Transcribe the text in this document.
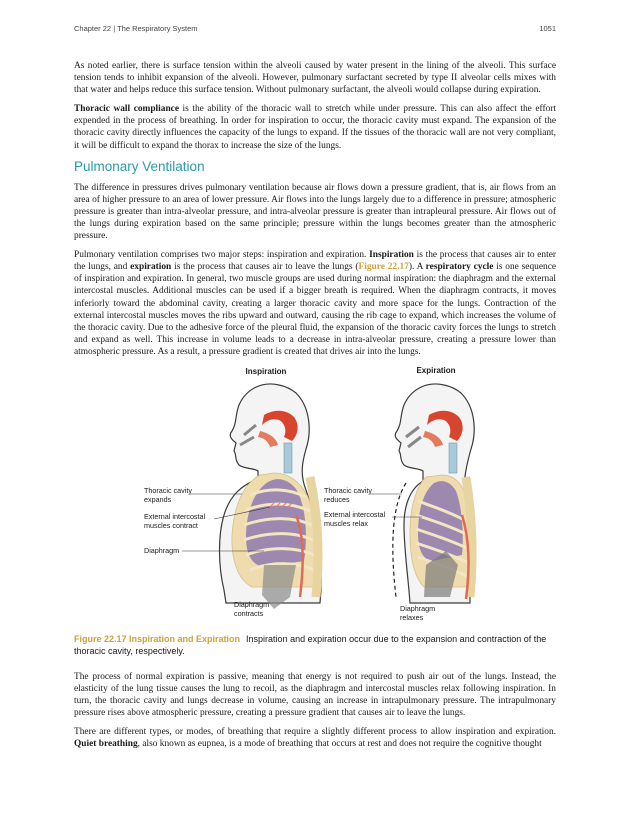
Chapter 22 | The Respiratory System	1051

As noted earlier, there is surface tension within the alveoli caused by water present in the lining of the alveoli. This surface tension tends to inhibit expansion of the alveoli. However, pulmonary surfactant secreted by type II alveolar cells mixes with that water and helps reduce this surface tension. Without pulmonary surfactant, the alveoli would collapse during expiration.

Thoracic wall compliance is the ability of the thoracic wall to stretch while under pressure. This can also affect the effort expended in the process of breathing. In order for inspiration to occur, the thoracic cavity must expand. The expansion of the thoracic cavity directly influences the capacity of the lungs to expand. If the tissues of the thoracic wall are not very compliant, it will be difficult to expand the thorax to increase the size of the lungs.

Pulmonary Ventilation

The difference in pressures drives pulmonary ventilation because air flows down a pressure gradient, that is, air flows from an area of higher pressure to an area of lower pressure. Air flows into the lungs largely due to a difference in pressure; atmospheric pressure is greater than intra-alveolar pressure, and intra-alveolar pressure is greater than intrapleural pressure. Air flows out of the lungs during expiration based on the same principle; pressure within the lungs becomes greater than the atmospheric pressure.

Pulmonary ventilation comprises two major steps: inspiration and expiration. Inspiration is the process that causes air to enter the lungs, and expiration is the process that causes air to leave the lungs (Figure 22.17). A respiratory cycle is one sequence of inspiration and expiration. In general, two muscle groups are used during normal inspiration: the diaphragm and the external intercostal muscles. Additional muscles can be used if a bigger breath is required. When the diaphragm contracts, it moves inferiorly toward the abdominal cavity, creating a larger thoracic cavity and more space for the lungs. Contraction of the external intercostal muscles moves the ribs upward and outward, causing the rib cage to expand, which increases the volume of the thoracic cavity. Due to the adhesive force of the pleural fluid, the expansion of the thoracic cavity forces the lungs to stretch and expand as well. This increase in volume leads to a decrease in intra-alveolar pressure, creating a pressure lower than atmospheric pressure. As a result, a pressure gradient is created that drives air into the lungs.

Inspiration	Expiration
Thoracic cavity
expands
External intercostal
muscles contract
Diaphragm
Diaphragm
contracts
Thoracic cavity
reduces
External intercostal
muscles relax
Diaphragm
relaxes
Figure 22.17 Inspiration and Expiration Inspiration and expiration occur due to the expansion and contraction of the thoracic cavity, respectively.

The process of normal expiration is passive, meaning that energy is not required to push air out of the lungs. Instead, the elasticity of the lung tissue causes the lung to recoil, as the diaphragm and intercostal muscles relax following inspiration. In turn, the thoracic cavity and lungs decrease in volume, causing an increase in intrapulmonary pressure. The intrapulmonary pressure rises above atmospheric pressure, creating a pressure gradient that causes air to leave the lungs.

There are different types, or modes, of breathing that require a slightly different process to allow inspiration and expiration. Quiet breathing, also known as eupnea, is a mode of breathing that occurs at rest and does not require the cognitive thought
